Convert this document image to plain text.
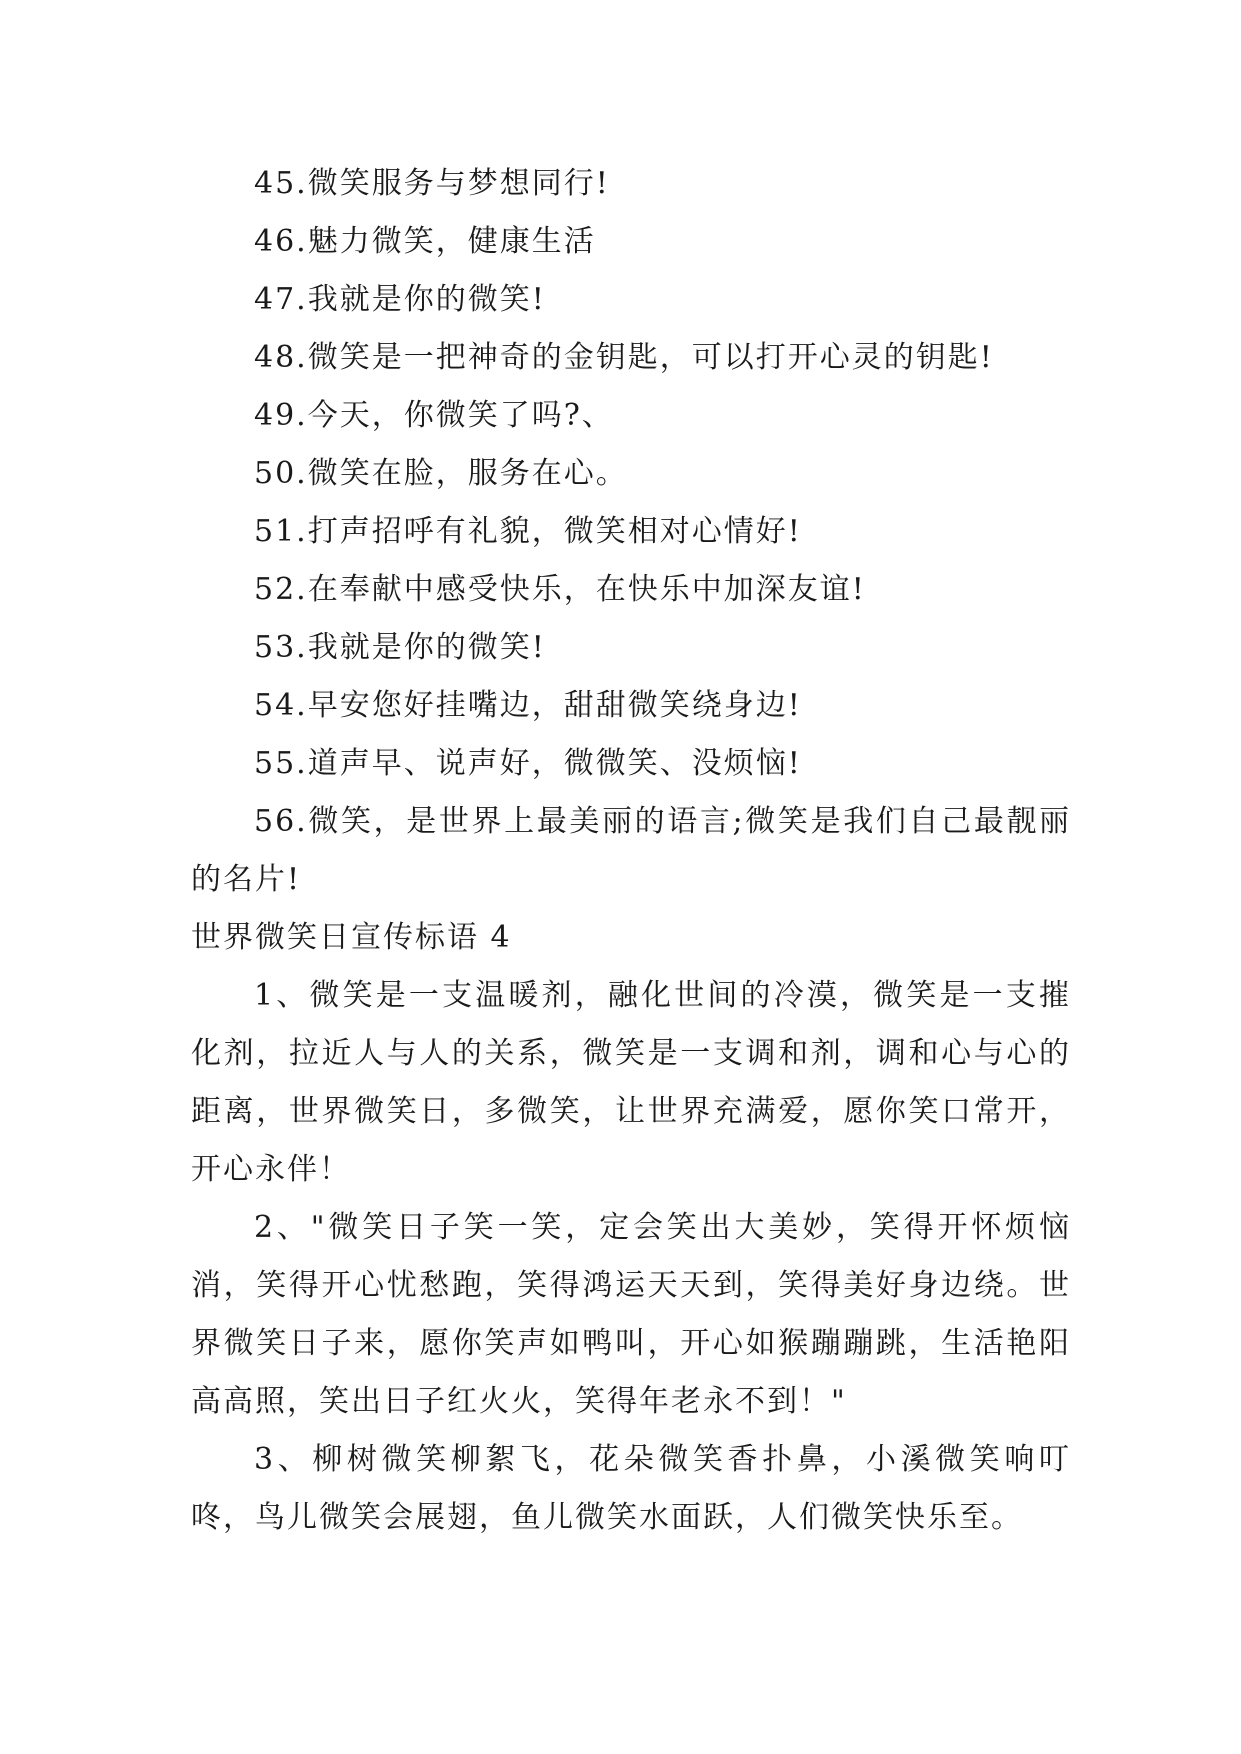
45.微笑服务与梦想同行!
46.魅力微笑，健康生活
47.我就是你的微笑!
48.微笑是一把神奇的金钥匙，可以打开心灵的钥匙!
49.今天，你微笑了吗?、
50.微笑在脸，服务在心。
51.打声招呼有礼貌，微笑相对心情好!
52.在奉献中感受快乐，在快乐中加深友谊!
53.我就是你的微笑!
54.早安您好挂嘴边，甜甜微笑绕身边!
55.道声早、说声好，微微笑、没烦恼!
56.微笑，是世界上最美丽的语言;微笑是我们自己最靓丽的名片!
世界微笑日宣传标语 4
1、微笑是一支温暖剂，融化世间的冷漠，微笑是一支摧化剂，拉近人与人的关系，微笑是一支调和剂，调和心与心的距离，世界微笑日，多微笑，让世界充满爱，愿你笑口常开，开心永伴！
2、"微笑日子笑一笑，定会笑出大美妙，笑得开怀烦恼消，笑得开心忧愁跑，笑得鸿运天天到，笑得美好身边绕。世界微笑日子来，愿你笑声如鸭叫，开心如猴蹦蹦跳，生活艳阳高高照，笑出日子红火火，笑得年老永不到！"
3、柳树微笑柳絮飞，花朵微笑香扑鼻，小溪微笑响叮咚，鸟儿微笑会展翅，鱼儿微笑水面跃，人们微笑快乐至。
